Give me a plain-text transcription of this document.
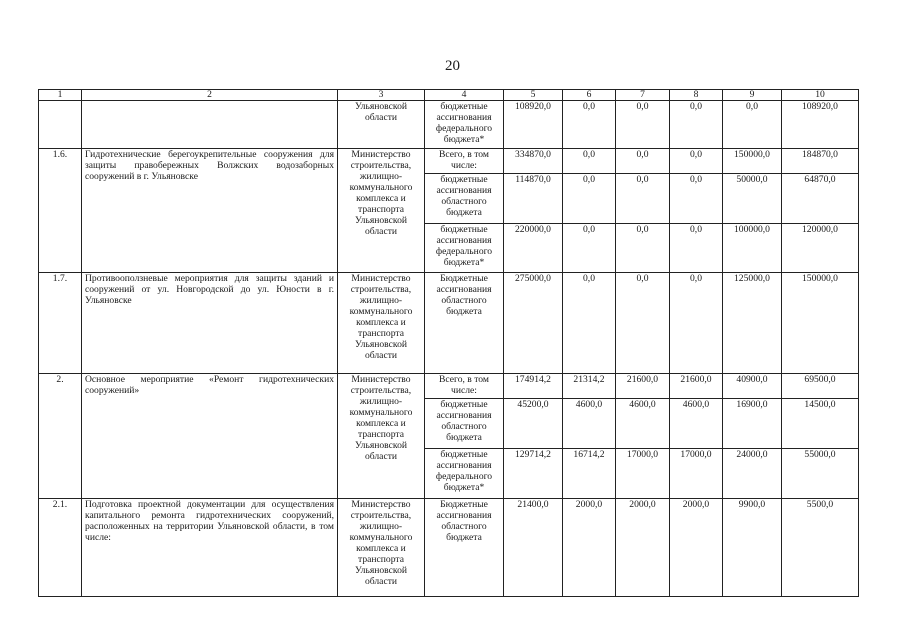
20
1	2	3	4	5	6	7	8	9	10
		Ульяновской области	бюджетные ассигнования федерального бюджета*	108920,0	0,0	0,0	0,0	0,0	108920,0
1.6.	Гидротехнические берегоукрепительные сооружения для защиты правобережных Волжских водозаборных сооружений в г. Ульяновске	Министерство строительства, жилищно-коммунального комплекса и транспорта Ульяновской области	Всего, в том числе:	334870,0	0,0	0,0	0,0	150000,0	184870,0
			бюджетные ассигнования областного бюджета	114870,0	0,0	0,0	0,0	50000,0	64870,0
			бюджетные ассигнования федерального бюджета*	220000,0	0,0	0,0	0,0	100000,0	120000,0
1.7.	Противооползневые мероприятия для защиты зданий и сооружений от ул. Новгородской до ул. Юности в г. Ульяновске	Министерство строительства, жилищно-коммунального комплекса и транспорта Ульяновской области	Бюджетные ассигнования областного бюджета	275000,0	0,0	0,0	0,0	125000,0	150000,0
2.	Основное мероприятие «Ремонт гидротехнических сооружений»	Министерство строительства, жилищно-коммунального комплекса и транспорта Ульяновской области	Всего, в том числе:	174914,2	21314,2	21600,0	21600,0	40900,0	69500,0
			бюджетные ассигнования областного бюджета	45200,0	4600,0	4600,0	4600,0	16900,0	14500,0
			бюджетные ассигнования федерального бюджета*	129714,2	16714,2	17000,0	17000,0	24000,0	55000,0
2.1.	Подготовка проектной документации для осуществления капитального ремонта гидротехнических сооружений, расположенных на территории Ульяновской области, в том числе:	Министерство строительства, жилищно-коммунального комплекса и транспорта Ульяновской области	Бюджетные ассигнования областного бюджета	21400,0	2000,0	2000,0	2000,0	9900,0	5500,0
